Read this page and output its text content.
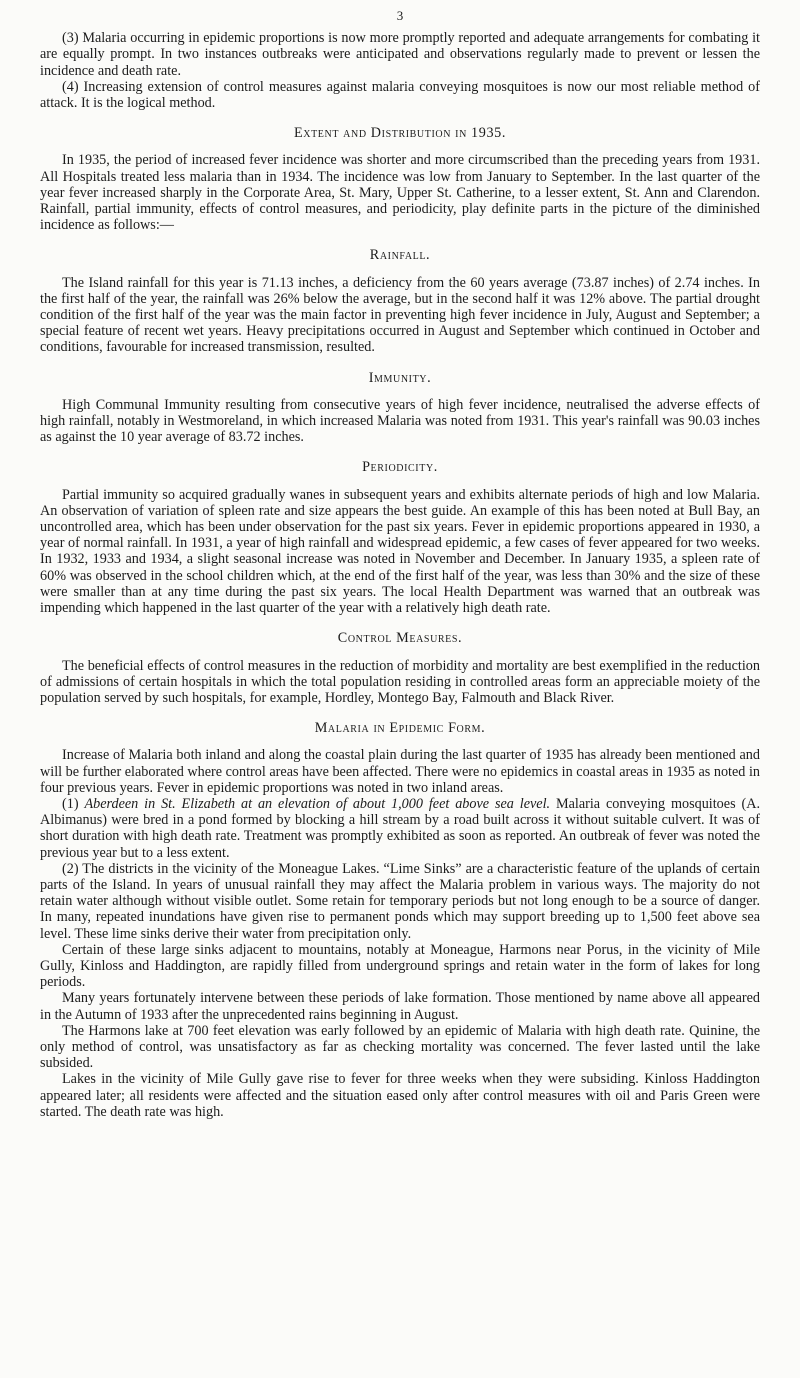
3

(3) Malaria occurring in epidemic proportions is now more promptly reported and adequate arrangements for combating it are equally prompt. In two instances outbreaks were anticipated and observations regularly made to prevent or lessen the incidence and death rate.

(4) Increasing extension of control measures against malaria conveying mosquitoes is now our most reliable method of attack. It is the logical method.

Extent and Distribution in 1935.

In 1935, the period of increased fever incidence was shorter and more circumscribed than the preceding years from 1931. All Hospitals treated less malaria than in 1934. The incidence was low from January to September. In the last quarter of the year fever increased sharply in the Corporate Area, St. Mary, Upper St. Catherine, to a lesser extent, St. Ann and Clarendon. Rainfall, partial immunity, effects of control measures, and periodicity, play definite parts in the picture of the diminished incidence as follows:—

Rainfall.

The Island rainfall for this year is 71.13 inches, a deficiency from the 60 years average (73.87 inches) of 2.74 inches. In the first half of the year, the rainfall was 26% below the average, but in the second half it was 12% above. The partial drought condition of the first half of the year was the main factor in preventing high fever incidence in July, August and September; a special feature of recent wet years. Heavy precipitations occurred in August and September which continued in October and conditions, favourable for increased transmission, resulted.

Immunity.

High Communal Immunity resulting from consecutive years of high fever incidence, neutralised the adverse effects of high rainfall, notably in Westmoreland, in which increased Malaria was noted from 1931. This year's rainfall was 90.03 inches as against the 10 year average of 83.72 inches.

Periodicity.

Partial immunity so acquired gradually wanes in subsequent years and exhibits alternate periods of high and low Malaria. An observation of variation of spleen rate and size appears the best guide. An example of this has been noted at Bull Bay, an uncontrolled area, which has been under observation for the past six years. Fever in epidemic proportions appeared in 1930, a year of normal rainfall. In 1931, a year of high rainfall and widespread epidemic, a few cases of fever appeared for two weeks. In 1932, 1933 and 1934, a slight seasonal increase was noted in November and December. In January 1935, a spleen rate of 60% was observed in the school children which, at the end of the first half of the year, was less than 30% and the size of these were smaller than at any time during the past six years. The local Health Department was warned that an outbreak was impending which happened in the last quarter of the year with a relatively high death rate.

Control Measures.

The beneficial effects of control measures in the reduction of morbidity and mortality are best exemplified in the reduction of admissions of certain hospitals in which the total population residing in controlled areas form an appreciable moiety of the population served by such hospitals, for example, Hordley, Montego Bay, Falmouth and Black River.

Malaria in Epidemic Form.

Increase of Malaria both inland and along the coastal plain during the last quarter of 1935 has already been mentioned and will be further elaborated where control areas have been affected. There were no epidemics in coastal areas in 1935 as noted in four previous years. Fever in epidemic proportions was noted in two inland areas.

(1) Aberdeen in St. Elizabeth at an elevation of about 1,000 feet above sea level. Malaria conveying mosquitoes (A. Albimanus) were bred in a pond formed by blocking a hill stream by a road built across it without suitable culvert. It was of short duration with high death rate. Treatment was promptly exhibited as soon as reported. An outbreak of fever was noted the previous year but to a less extent.

(2) The districts in the vicinity of the Moneague Lakes. “Lime Sinks” are a characteristic feature of the uplands of certain parts of the Island. In years of unusual rainfall they may affect the Malaria problem in various ways. The majority do not retain water although without visible outlet. Some retain for temporary periods but not long enough to be a source of danger. In many, repeated inundations have given rise to permanent ponds which may support breeding up to 1,500 feet above sea level. These lime sinks derive their water from precipitation only.

Certain of these large sinks adjacent to mountains, notably at Moneague, Harmons near Porus, in the vicinity of Mile Gully, Kinloss and Haddington, are rapidly filled from underground springs and retain water in the form of lakes for long periods.

Many years fortunately intervene between these periods of lake formation. Those mentioned by name above all appeared in the Autumn of 1933 after the unprecedented rains beginning in August.

The Harmons lake at 700 feet elevation was early followed by an epidemic of Malaria with high death rate. Quinine, the only method of control, was unsatisfactory as far as checking mortality was concerned. The fever lasted until the lake subsided.

Lakes in the vicinity of Mile Gully gave rise to fever for three weeks when they were subsiding. Kinloss Haddington appeared later; all residents were affected and the situation eased only after control measures with oil and Paris Green were started. The death rate was high.
